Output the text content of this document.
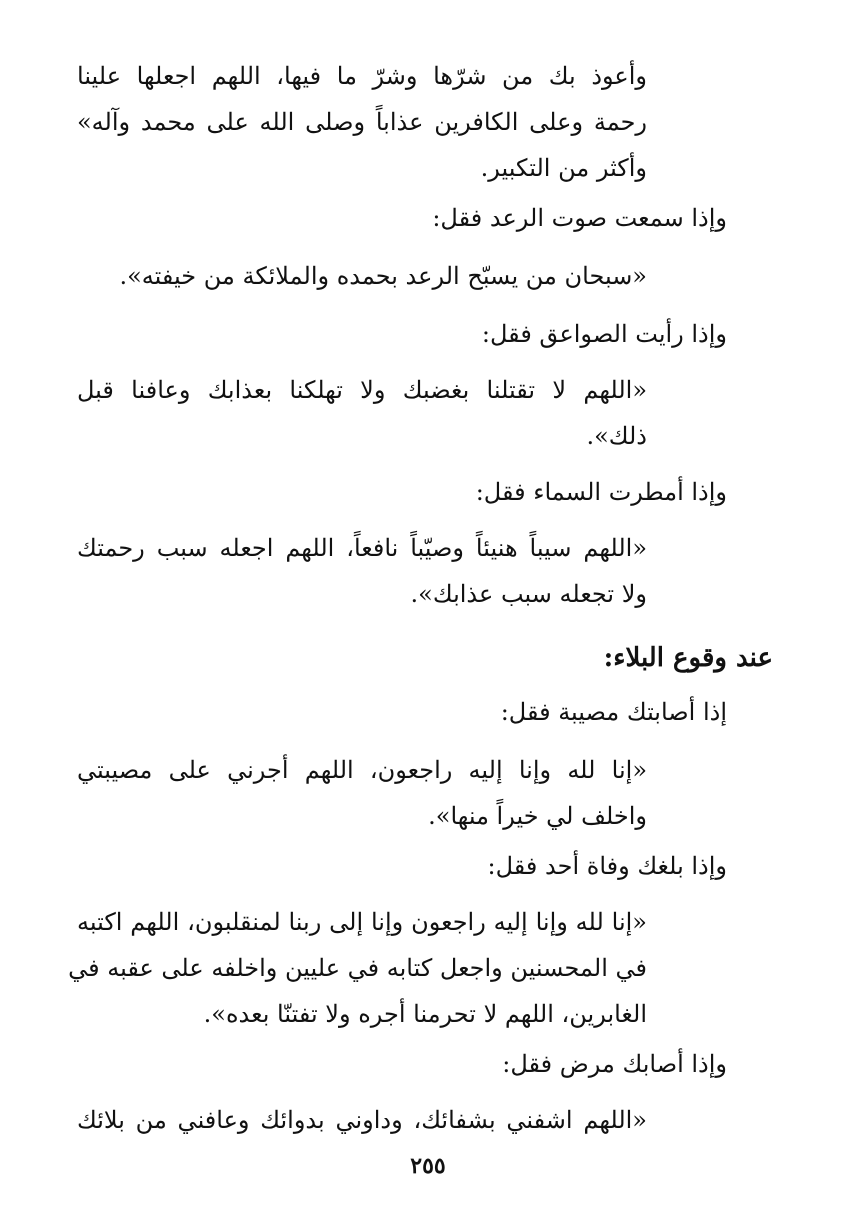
وأعوذ بك من شرّها وشرّ ما فيها، اللهم اجعلها علينا
رحمة وعلى الكافرين عذاباً وصلى الله على محمد وآله»
وأكثر من التكبير.
وإذا سمعت صوت الرعد فقل:
«سبحان من يسبّح الرعد بحمده والملائكة من خيفته».
وإذا رأيت الصواعق فقل:
«اللهم لا تقتلنا بغضبك ولا تهلكنا بعذابك وعافنا قبل
ذلك».
وإذا أمطرت السماء فقل:
«اللهم سيباً هنيئاً وصيّباً نافعاً، اللهم اجعله سبب رحمتك
ولا تجعله سبب عذابك».
عند وقوع البلاء:
إذا أصابتك مصيبة فقل:
«إنا لله وإنا إليه راجعون، اللهم أجرني على مصيبتي
واخلف لي خيراً منها».
وإذا بلغك وفاة أحد فقل:
«إنا لله وإنا إليه راجعون وإنا إلى ربنا لمنقلبون، اللهم اكتبه
في المحسنين واجعل كتابه في عليين واخلفه على عقبه في
الغابرين، اللهم لا تحرمنا أجره ولا تفتنّا بعده».
وإذا أصابك مرض فقل:
«اللهم اشفني بشفائك، وداوني بدوائك وعافني من بلائك
٢٥٥
